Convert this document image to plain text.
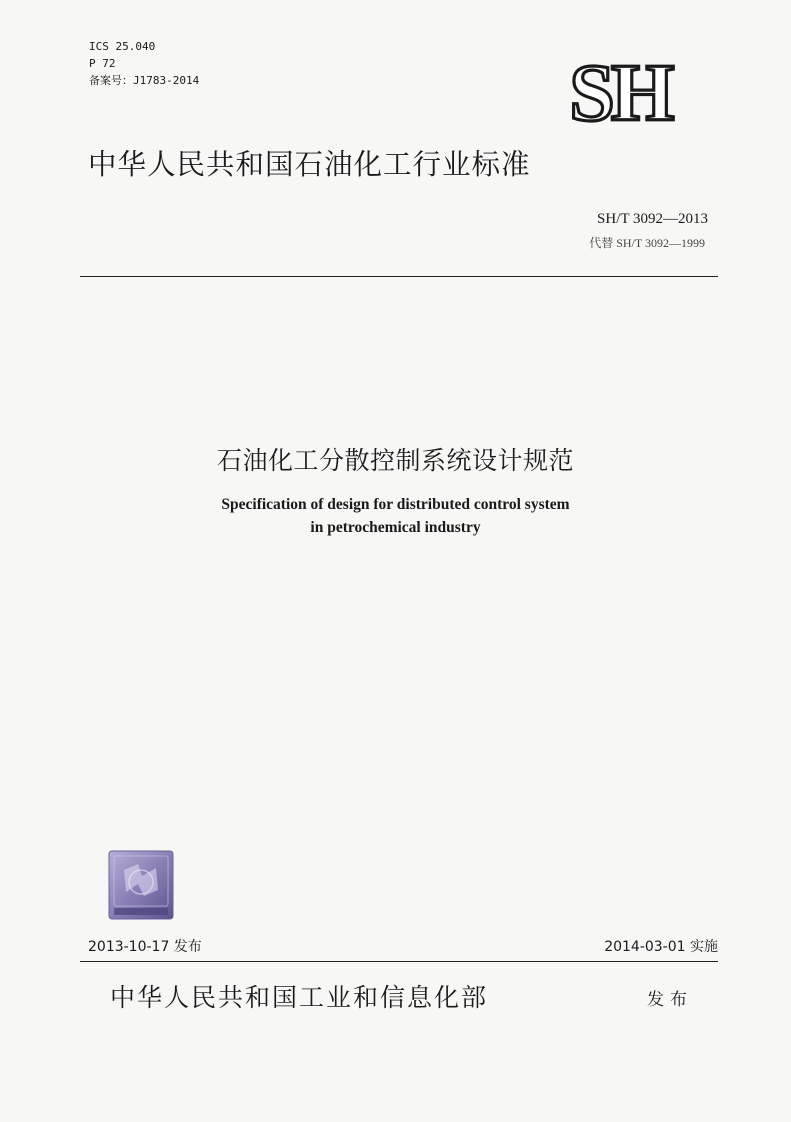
ICS 25.040
P 72
备案号：J1783-2014	SH
中华人民共和国石油化工行业标准
SH/T 3092—2013
代替 SH/T 3092—1999
石油化工分散控制系统设计规范
Specification of design for distributed control system
in petrochemical industry
2013-10-17 发布	2014-03-01 实施
中华人民共和国工业和信息化部	发布
